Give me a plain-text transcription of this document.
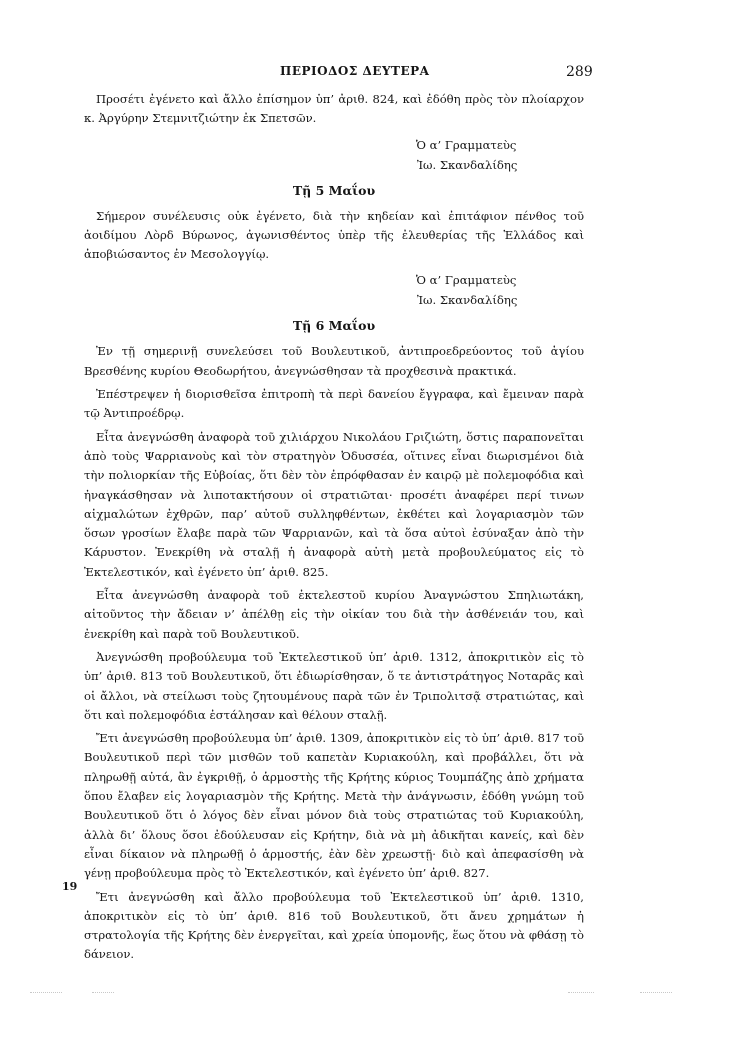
ΠΕΡΙΟΔΟΣ ΔΕΥΤΕΡΑ	289

Προσέτι ἐγένετο καὶ ἄλλο ἐπίσημον ὑπ’ ἀριθ. 824, καὶ ἐδόθη πρὸς τὸν πλοίαρχον κ. Ἀργύρην Στεμνιτζιώτην ἐκ Σπετσῶν.

Ὁ α’ Γραμματεὺς
Ἰω. Σκανδαλίδης
Τῇ 5 Μαΐου

Σήμερον συνέλευσις οὐκ ἐγένετο, διὰ τὴν κηδείαν καὶ ἐπιτάφιον πένθος τοῦ ἀοιδίμου Λὸρδ Βύρωνος, ἀγωνισθέντος ὑπὲρ τῆς ἐλευθερίας τῆς Ἑλλάδος καὶ ἀποβιώσαντος ἐν Μεσολογγίῳ.

Ὁ α’ Γραμματεὺς
Ἰω. Σκανδαλίδης
Τῇ 6 Μαΐου

Ἐν τῇ σημερινῇ συνελεύσει τοῦ Βουλευτικοῦ, ἀντιπροεδρεύοντος τοῦ ἁγίου Βρεσθένης κυρίου Θεοδωρήτου, ἀνεγνώσθησαν τὰ προχθεσινὰ πρακτικά.

Ἐπέστρεψεν ἡ διορισθεῖσα ἐπιτροπὴ τὰ περὶ δανείου ἔγγραφα, καὶ ἔμειναν παρὰ τῷ Ἀντιπροέδρῳ.

Εἶτα ἀνεγνώσθη ἀναφορὰ τοῦ χιλιάρχου Νικολάου Γριζιώτη, ὅστις παραπονεῖται ἀπὸ τοὺς Ψαρριανοὺς καὶ τὸν στρατηγὸν Ὀδυσσέα, οἵτινες εἶναι διωρισμένοι διὰ τὴν πολιορκίαν τῆς Εὐβοίας, ὅτι δὲν τὸν ἐπρόφθασαν ἐν καιρῷ μὲ πολεμοφόδια καὶ ἠναγκάσθησαν νὰ λιποτακτήσουν οἱ στρατιῶται· προσέτι ἀναφέρει περί τινων αἰχμαλώτων ἐχθρῶν, παρ’ αὐτοῦ συλληφθέντων, ἐκθέτει καὶ λογαριασμὸν τῶν ὅσων γροσίων ἔλαβε παρὰ τῶν Ψαρριανῶν, καὶ τὰ ὅσα αὐτοὶ ἐσύναξαν ἀπὸ τὴν Κάρυστον. Ἐνεκρίθη νὰ σταλῇ ἡ ἀναφορὰ αὐτὴ μετὰ προβουλεύματος εἰς τὸ Ἐκτελεστικόν, καὶ ἐγένετο ὑπ’ ἀριθ. 825.

Εἶτα ἀνεγνώσθη ἀναφορὰ τοῦ ἐκτελεστοῦ κυρίου Ἀναγνώστου Σπηλιωτάκη, αἰτοῦντος τὴν ἄδειαν ν’ ἀπέλθῃ εἰς τὴν οἰκίαν του διὰ τὴν ἀσθένειάν του, καὶ ἐνεκρίθη καὶ παρὰ τοῦ Βουλευτικοῦ.

Ἀνεγνώσθη προβούλευμα τοῦ Ἐκτελεστικοῦ ὑπ’ ἀριθ. 1312, ἀποκριτικὸν εἰς τὸ ὑπ’ ἀριθ. 813 τοῦ Βουλευτικοῦ, ὅτι ἐδιωρίσθησαν, ὅ τε ἀντιστράτηγος Νοταρᾶς καὶ οἱ ἄλλοι, νὰ στείλωσι τοὺς ζητουμένους παρὰ τῶν ἐν Τριπολιτσᾷ στρατιώτας, καὶ ὅτι καὶ πολεμοφόδια ἐστάλησαν καὶ θέλουν σταλῇ.

Ἔτι ἀνεγνώσθη προβούλευμα ὑπ’ ἀριθ. 1309, ἀποκριτικὸν εἰς τὸ ὑπ’ ἀριθ. 817 τοῦ Βουλευτικοῦ περὶ τῶν μισθῶν τοῦ καπετὰν Κυριακούλη, καὶ προβάλλει, ὅτι νὰ πληρωθῇ αὐτά, ἂν ἐγκριθῇ, ὁ ἁρμοστὴς τῆς Κρήτης κύριος Τουμπάζης ἀπὸ χρήματα ὅπου ἔλαβεν εἰς λογαριασμὸν τῆς Κρήτης. Μετὰ τὴν ἀνάγνωσιν, ἐδόθη γνώμη τοῦ Βουλευτικοῦ ὅτι ὁ λόγος δὲν εἶναι μόνον διὰ τοὺς στρατιώτας τοῦ Κυριακούλη, ἀλλὰ δι’ ὅλους ὅσοι ἐδούλευσαν εἰς Κρήτην, διὰ νὰ μὴ ἀδικῆται κανείς, καὶ δὲν εἶναι δίκαιον νὰ πληρωθῇ ὁ ἁρμοστής, ἐὰν δὲν χρεωστῇ· διὸ καὶ ἀπεφασίσθη νὰ γένῃ προβούλευμα πρὸς τὸ Ἐκτελεστικόν, καὶ ἐγένετο ὑπ’ ἀριθ. 827.

Ἔτι ἀνεγνώσθη καὶ ἄλλο προβούλευμα τοῦ Ἐκτελεστικοῦ ὑπ’ ἀριθ. 1310, ἀποκριτικὸν εἰς τὸ ὑπ’ ἀριθ. 816 τοῦ Βουλευτικοῦ, ὅτι ἄνευ χρημάτων ἡ στρατολογία τῆς Κρήτης δὲν ἐνεργεῖται, καὶ χρεία ὑπομονῆς, ἕως ὅτου νὰ φθάσῃ τὸ δάνειον.

19
